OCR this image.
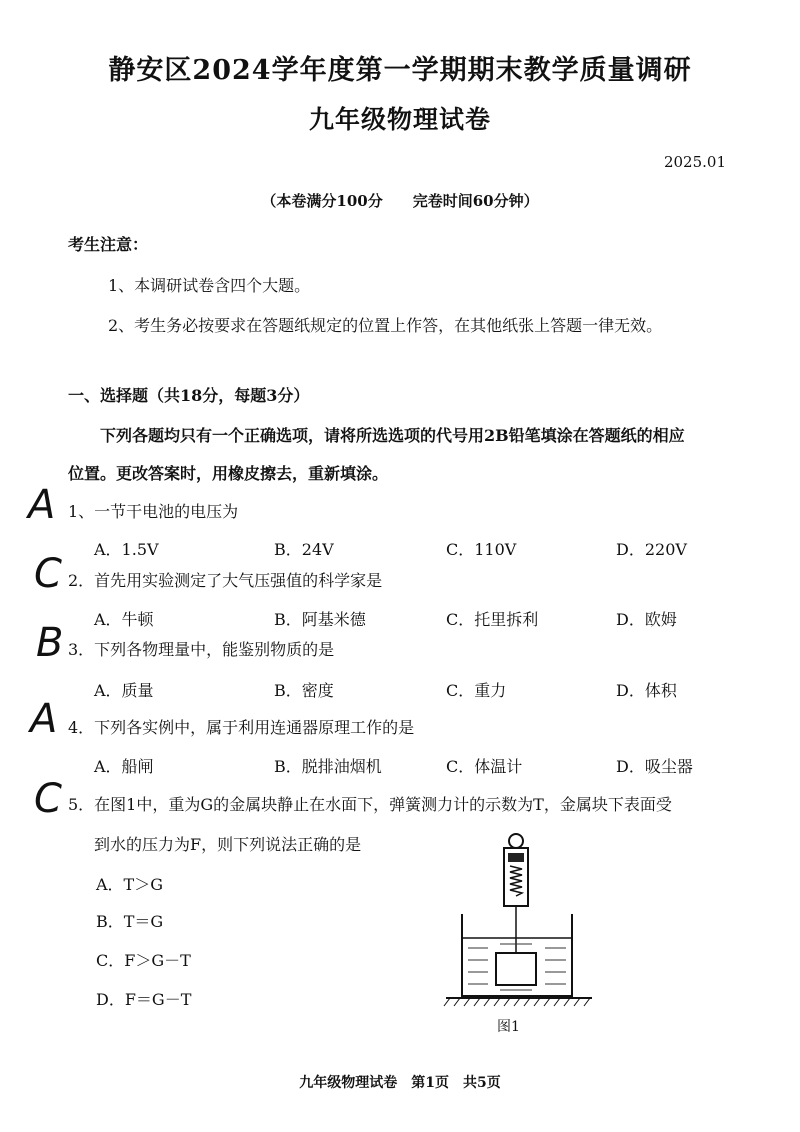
静安区2024学年度第一学期期末教学质量调研
九年级物理试卷
2025.01
（本卷满分100分　　完卷时间60分钟）
考生注意：
1、本调研试卷含四个大题。
2、考生务必按要求在答题纸规定的位置上作答，在其他纸张上答题一律无效。
一、选择题（共18分，每题3分）
下列各题均只有一个正确选项，请将所选选项的代号用2B铅笔填涂在答题纸的相应
位置。更改答案时，用橡皮擦去，重新填涂。
A 1、一节干电池的电压为
A．1.5V	B．24V	C．110V	D．220V
C 2．首先用实验测定了大气压强值的科学家是
A．牛顿	B．阿基米德	C．托里拆利	D．欧姆
B 3．下列各物理量中，能鉴别物质的是
A．质量	B．密度	C．重力	D．体积
A 4．下列各实例中，属于利用连通器原理工作的是
A．船闸	B．脱排油烟机	C．体温计	D．吸尘器
C 5．在图1中，重为G的金属块静止在水面下，弹簧测力计的示数为T，金属块下表面受
到水的压力为F，则下列说法正确的是
A．T＞G
B．T＝G
C．F＞G－T
D．F＝G－T
图1
九年级物理试卷　第1页　共5页
